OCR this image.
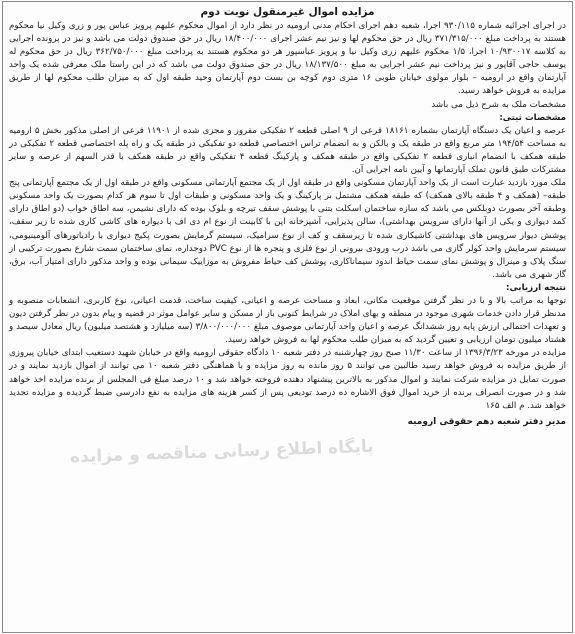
مزایده اموال غیرمنقول نوبت دوم

در اجرای اجرائیه شماره ۹۳۰/۱۱۵ اجرا، شعبه دهم اجرای احکام مدنی ارومیه در نظر دارد از اموال محکوم علیهم پرویز عباس پور و زری وکیل نیا محکوم هستند به پرداخت مبلغ ۳۷۱/۳۱۵/۰۰۰ ریال در حق محکوم لها و نیز نیم عشر اجرای ۱۸/۴۰۰/۰۰۰ ریال در حق صندوق دولت می باشد و نیز در پرونده اجرایی به کلاسه ۱۰/۹۳۰۰۱۷ اجرا، ۱/۵ محکوم علیهم زری وکیل نیا و پرویز عباسپور هر دو محکوم هستند به پرداخت مبلغ ۳۶۲/۷۵۰/۰۰۰ ریال در حق محکوم له یوسف حاجی آقاپور و نیز پرداخت نیم عشر اجرایی به مبلغ ۱۸/۱۳۷/۵۰۰ ریال در حق صندوق دولت می باشد که در این راستا ملک معرفی شده یک واحد آپارتمان واقع در ارومیه – بلوار مولوی خیابان طوبی ۱۶ متری دوم کوچه بن بست دوم آپارتمان وحید طبقه اول که به میزان طلب محکوم لها از طریق مزایده به فروش خواهد رسید.

مشخصات ملک به شرح ذیل می باشد

مشخصات ثبتی:

عرصه و اعیان یک دستگاه آپارتمان بشماره ۱۸۱۶۱ فرعی از ۹ اصلی قطعه ۲ تفکیکی مفروز و مجزی شده از ۱۱۹۰۱ فرعی از اصلی مذکور بخش ۵ ارومیه به مساحت ۱۹۴/۵۴ متر مربع واقع در طبقه یک و بالکن و به انضمام تراس اختصاصی قطعه دو تفکیکی در طبقه یک و راه پله اختصاصی قطعه ۲ تفکیکی در طبقه همکف با انضمام انباری قطعه ۲ تفکیکی واقع در طبقه همکف و پارکینگ قطعه ۴ تفکیکی واقع در طبقه همکف با قدر السهم از عرصه و سایر مشترکات طبق قانون تملک آپارتمانها و آیین نامه اجرایی آن.

ملک مورد بازدید عبارت است از یک واحد آپارتمان مسکونی واقع در طبقه اول از یک مجتمع آپارتمانی مسکونی واقع در طبقه اول از یک مجتمع آپارتمانی پنج طبقه– (همکف و ۴ طبقه بالای همکف) که طبقه همکف مشتمل بر پارکینگ و یک واحد مسکونی و طبقات اول تا سوم هر کدام بصورت یک واحد مسکونی وطبقه آخر بصورت دوبلکس می باشد که سازه ساختمان اسکلت بتنی با پوشش سقف تیرچه و بلوک بوده که دارای نشیمن، سه اطاق خواب (دو اطاق دارای کمد دیواری و یکی از آنها دارای سرویس بهداشتی)، سالن پذیرایی، آشپزخانه اپن با کابینت از نوع ام دی اف با دیواره های کاشی کاری شده تا زیر سقف، پوشش دیوار سرویس های بهداشتی کاشیکاری شده تا زیرسقف و کف از نوع سرامیک، سیستم گرمایش بصورت پکیج دیواری با رادیاتورهای آلومینیومی، سیستم سرمایش واحد کولر گازی می باشد درب ورودی بیرونی از نوع فلزی و پنجره ها از نوع PVC دوجداره، نمای ساختمان سمت شارع بصورت ترکیبی از سنگ پلاک و مینرال و پوشش نمای سمت حیاط اندود سیماناکاری، پوشش کف حیاط مفروش به موزاییک سیمانی بوده و واحد مذکور دارای امتیاز آب، برق، گاز شهری می باشد.

نتیجه ارزیابی:

توجها به مراتب بالا و با در نظر گرفتن موقعیت مکانی، ابعاد و مساحت عرصه و اعیانی، کیفیت ساخت، قدمت اعیانی، نوع کاربری، انشعابات منصوبه و مدنظر قرار دادن خدمات شهری موجود در منطقه و بهای املاک در شرایط کنونی باز ار مسکن و سایر عوامل موثر در قضیه و پیام بدون در نظر گرفتن دیون و تعهدات احتمالی ارزش پایه روز ششدانگ عرصه و اعیان واحد آپارتمانی موصوف مبلغ ۳/۸۰۰/۰۰۰/۰۰۰ (سه میلیارد و هشتصد میلیون) ریال معادل سیصد و هشتاد میلیون تومان ارزیابی و تعیین گردید که به میزان طلب محکوم لها به فروش خواهد رسید.

مزایده در مورخه ۱۳۹۶/۳/۲۳ از ساعت ۱۱/۳۰ صبح روز چهارشنبه در دفتر شعبه ۱۰ دادگاه حقوقی ارومیه واقع در خیابان شهید دستغیب ابتدای خیابان پیروزی از طریق مزایده به فروش خواهد رسید طالبین می توانند ۵ روز مانده به روز مزایده و با هماهنگی دفتر شعبه ۱۰ می توانند از اموال بازدید نمایند و در صورت تمایل در مزایده شرکت نمایند و اموال مذکور به بالاترین پیشنهاد دهنده فروخته خواهد شد و ۱۰ درصد مبلغ فی المجلس از برنده مزایده اخذ خواهد شد و در صورت انصراف برنده از خرید اموال فوق الاشاره ده درصد تودیعی پس از کسر هزینه های مزایده به نفع دادرسی ضبط گردیده و مزایده تجدید خواهد شد. م الف ۱۶۵

مدیر دفتر شعبه دهم حقوقی ارومیه
پایگاه اطلاع رسانی مناقصه و مزایده
